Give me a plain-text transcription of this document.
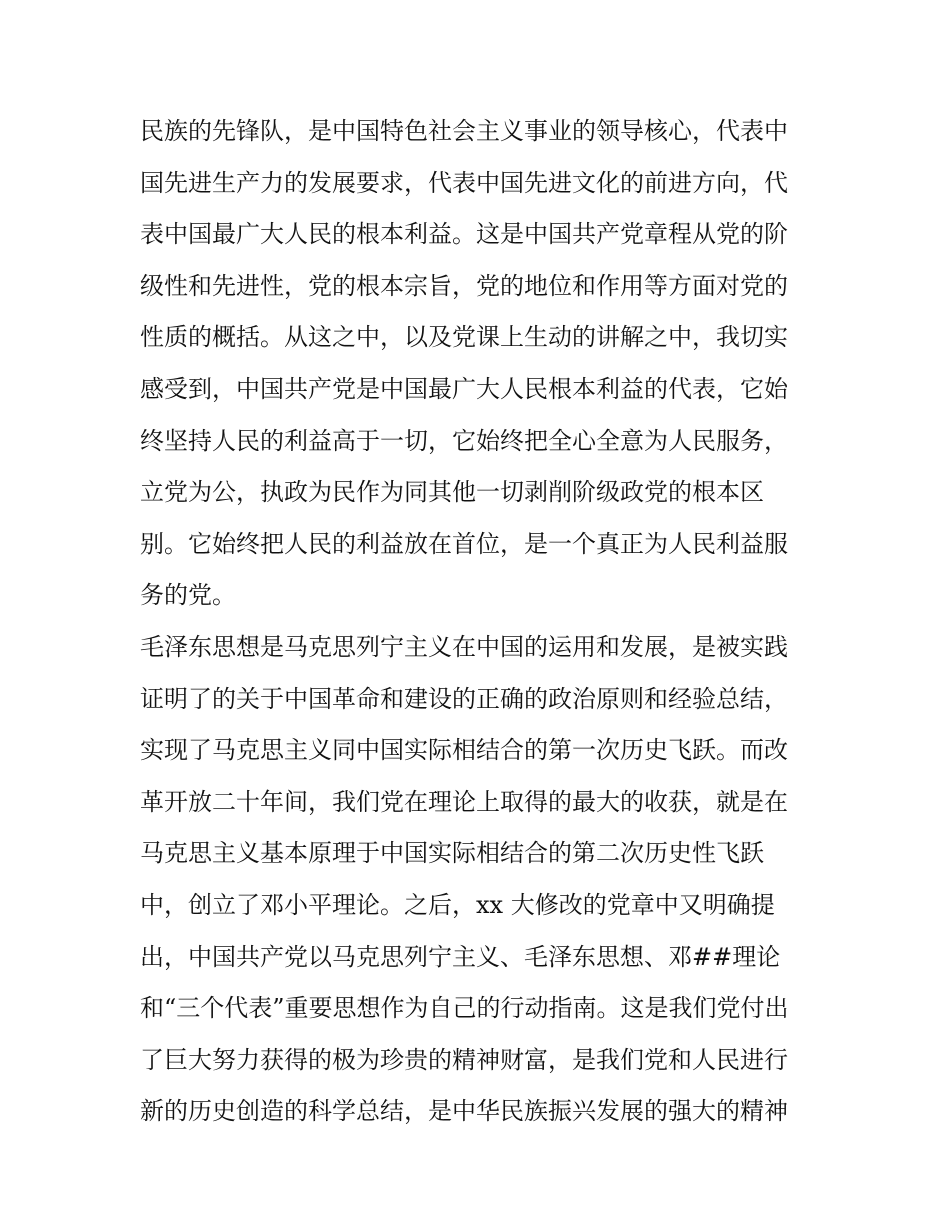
民族的先锋队，是中国特色社会主义事业的领导核心，代表中
国先进生产力的发展要求，代表中国先进文化的前进方向，代
表中国最广大人民的根本利益。这是中国共产党章程从党的阶
级性和先进性，党的根本宗旨，党的地位和作用等方面对党的
性质的概括。从这之中，以及党课上生动的讲解之中，我切实
感受到，中国共产党是中国最广大人民根本利益的代表，它始
终坚持人民的利益高于一切，它始终把全心全意为人民服务，
立党为公，执政为民作为同其他一切剥削阶级政党的根本区
别。它始终把人民的利益放在首位，是一个真正为人民利益服
务的党。
毛泽东思想是马克思列宁主义在中国的运用和发展，是被实践
证明了的关于中国革命和建设的正确的政治原则和经验总结，
实现了马克思主义同中国实际相结合的第一次历史飞跃。而改
革开放二十年间，我们党在理论上取得的最大的收获，就是在
马克思主义基本原理于中国实际相结合的第二次历史性飞跃
中，创立了邓小平理论。之后，xx 大修改的党章中又明确提
出，中国共产党以马克思列宁主义、毛泽东思想、邓##理论
和“三个代表”重要思想作为自己的行动指南。这是我们党付出
了巨大努力获得的极为珍贵的精神财富，是我们党和人民进行
新的历史创造的科学总结，是中华民族振兴发展的强大的精神
